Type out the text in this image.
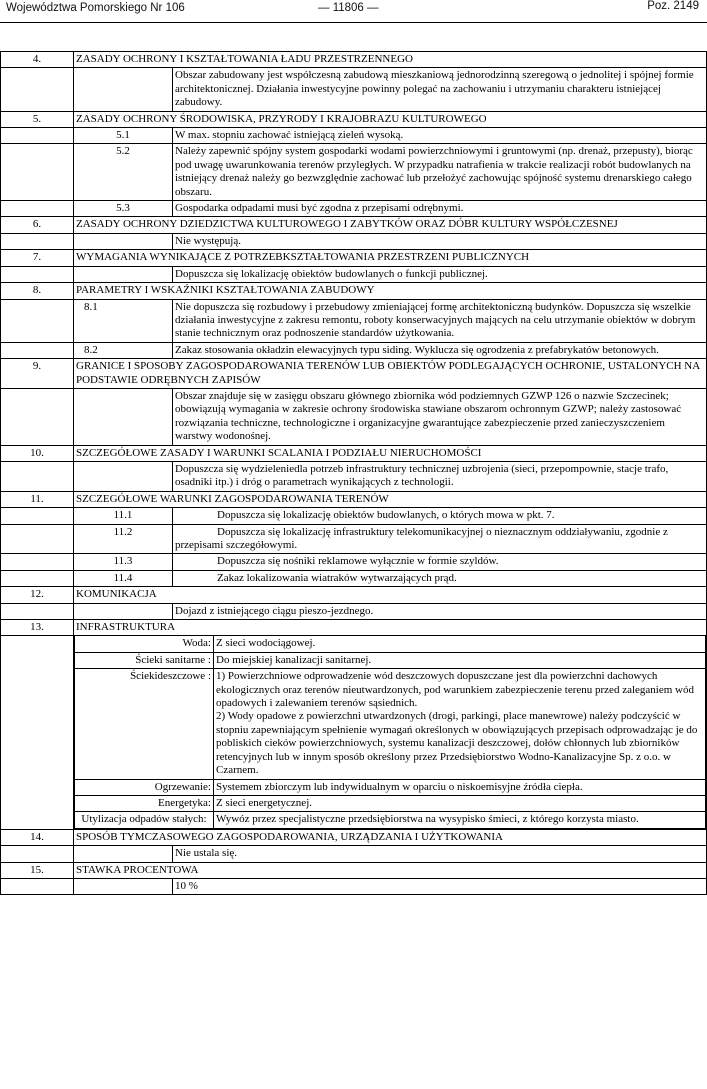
Województwa Pomorskiego Nr 106	— 11806 —	Poz. 2149
4.	ZASADY OCHRONY I KSZTAŁTOWANIA ŁADU PRZESTRZENNEGO
		Obszar zabudowany jest współczesną zabudową mieszkaniową jednorodzinną szeregową o jednolitej i spójnej formie architektonicznej. Działania inwestycyjne powinny polegać na zachowaniu i utrzymaniu charakteru istniejącej zabudowy.
5.	ZASADY OCHRONY ŚRODOWISKA, PRZYRODY I KRAJOBRAZU KULTUROWEGO
	5.1	W max. stopniu zachować istniejącą zieleń wysoką.
	5.2	Należy zapewnić spójny system gospodarki wodami powierzchniowymi i gruntowymi (np. drenaż, przepusty), biorąc pod uwagę uwarunkowania terenów przyległych. W przypadku natrafienia w trakcie realizacji robót budowlanych na istniejący drenaż należy go bezwzględnie zachować lub przełożyć zachowując spójność systemu drenarskiego całego obszaru.
	5.3	Gospodarka odpadami musi być zgodna z przepisami odrębnymi.
6.	ZASADY OCHRONY DZIEDZICTWA KULTUROWEGO I ZABYTKÓW ORAZ DÓBR KULTURY WSPÓŁCZESNEJ
		Nie występują.
7.	WYMAGANIA WYNIKAJĄCE Z POTRZEBKSZTAŁTOWANIA PRZESTRZENI PUBLICZNYCH
		Dopuszcza się lokalizację obiektów budowlanych o funkcji publicznej.
8.	PARAMETRY I WSKAŹNIKI KSZTAŁTOWANIA ZABUDOWY
	8.1	Nie dopuszcza się rozbudowy i przebudowy zmieniającej formę architektoniczną budynków. Dopuszcza się wszelkie działania inwestycyjne z zakresu remontu, roboty konserwacyjnych mających na celu utrzymanie obiektów w dobrym stanie technicznym oraz podnoszenie standardów użytkowania.
	8.2	Zakaz stosowania okładzin elewacyjnych typu siding. Wyklucza się ogrodzenia z prefabrykatów betonowych.
9.	GRANICE I SPOSOBY ZAGOSPODAROWANIA TERENÓW LUB OBIEKTÓW PODLEGAJĄCYCH OCHRONIE, USTALONYCH NA PODSTAWIE ODRĘBNYCH ZAPISÓW
		Obszar znajduje się w zasięgu obszaru głównego zbiornika wód podziemnych GZWP 126 o nazwie Szczecinek; obowiązują wymagania w zakresie ochrony środowiska stawiane obszarom ochronnym GZWP; należy zastosować rozwiązania techniczne, technologiczne i organizacyjne gwarantujące zabezpieczenie przed zanieczyszczeniem warstwy wodonośnej.
10.	SZCZEGÓŁOWE ZASADY I WARUNKI SCALANIA I PODZIAŁU NIERUCHOMOŚCI
		Dopuszcza się wydzieleniedla potrzeb infrastruktury technicznej uzbrojenia (sieci, przepompownie, stacje trafo, osadniki itp.) i dróg o parametrach wynikających z technologii.
11.	SZCZEGÓŁOWE WARUNKI ZAGOSPODAROWANIA TERENÓW
	11.1	Dopuszcza się lokalizację obiektów budowlanych, o których mowa w pkt. 7.
	11.2	Dopuszcza się lokalizację infrastruktury telekomunikacyjnej o nieznacznym oddziaływaniu, zgodnie z przepisami szczegółowymi.
	11.3	Dopuszcza się nośniki reklamowe wyłącznie w formie szyldów.
	11.4	Zakaz lokalizowania wiatraków wytwarzających prąd.
12.	KOMUNIKACJA
		Dojazd z istniejącego ciągu pieszo-jezdnego.
13.	INFRASTRUKTURA

Woda:	Z sieci wodociągowej.
Ścieki sanitarne :	Do miejskiej kanalizacji sanitarnej.
Ściekideszczowe :	1) Powierzchniowe odprowadzenie wód deszczowych dopuszczane jest dla powierzchni dachowych ekologicznych oraz terenów nieutwardzonych, pod warunkiem zabezpieczenie terenu przed zaleganiem wód opadowych i zalewaniem terenów sąsiednich.
2) Wody opadowe z powierzchni utwardzonych (drogi, parkingi, place manewrowe) należy podczyścić w stopniu zapewniającym spełnienie wymagań określonych w obowiązujących przepisach odprowadzając je do pobliskich cieków powierzchniowych, systemu kanalizacji deszczowej, dołów chłonnych lub zbiorników retencyjnych lub w innym sposób określony przez Przedsiębiorstwo Wodno-Kanalizacyjne Sp. z o.o. w Czarnem.

Ogrzewanie:	Systemem zbiorczym lub indywidualnym w oparciu o niskoemisyjne źródła ciepła.
Energetyka:	Z sieci energetycznej.
Utylizacja odpadów stałych:	Wywóz przez specjalistyczne przedsiębiorstwa na wysypisko śmieci, z którego korzysta miasto.

14.	SPOSÓB TYMCZASOWEGO ZAGOSPODAROWANIA, URZĄDZANIA I UŻYTKOWANIA
		Nie ustala się.
15.	STAWKA PROCENTOWA
		10 %
